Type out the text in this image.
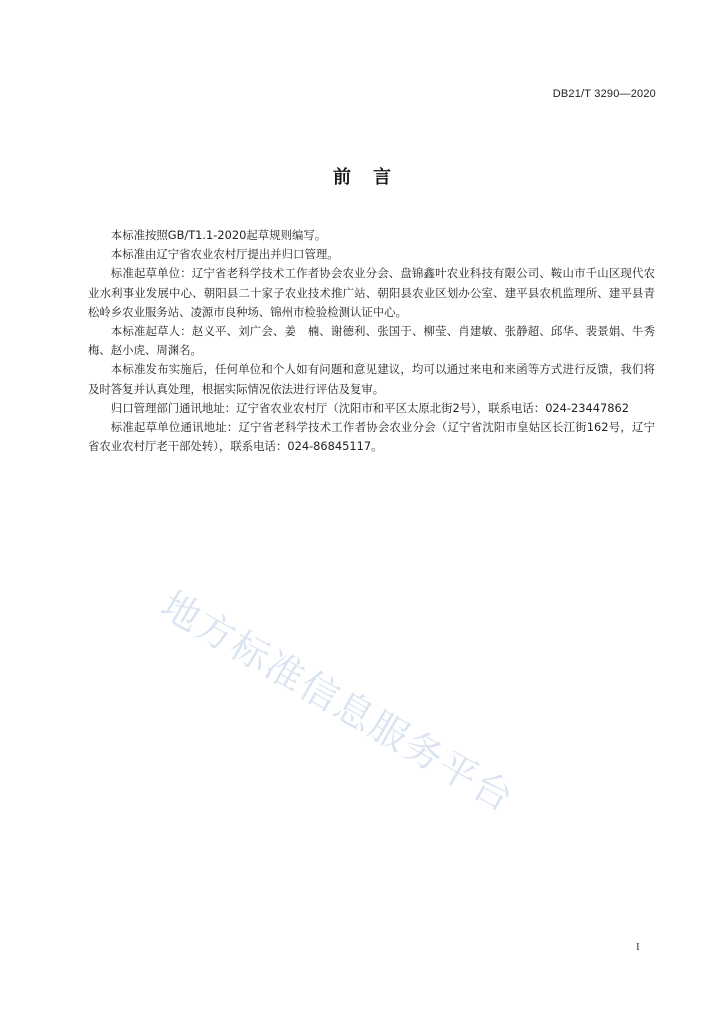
DB21/T 3290—2020
前言

本标准按照GB/T1.1-2020起草规则编写。

本标准由辽宁省农业农村厅提出并归口管理。

标准起草单位：辽宁省老科学技术工作者协会农业分会、盘锦鑫叶农业科技有限公司、鞍山市千山区现代农业水利事业发展中心、朝阳县二十家子农业技术推广站、朝阳县农业区划办公室、建平县农机监理所、建平县青松岭乡农业服务站、凌源市良种场、锦州市检验检测认证中心。

本标准起草人：赵义平、刘广会、姜　楠、谢德利、张国于、柳莹、肖建敏、张静超、邱华、裴景娟、牛秀梅、赵小虎、周渊名。

本标准发布实施后，任何单位和个人如有问题和意见建议，均可以通过来电和来函等方式进行反馈，我们将及时答复并认真处理，根据实际情况依法进行评估及复审。

归口管理部门通讯地址：辽宁省农业农村厅（沈阳市和平区太原北街2号），联系电话：024-23447862

标准起草单位通讯地址：辽宁省老科学技术工作者协会农业分会（辽宁省沈阳市皇姑区长江街162号，辽宁省农业农村厅老干部处转），联系电话：024-86845117。

地方标准信息服务平台
I
